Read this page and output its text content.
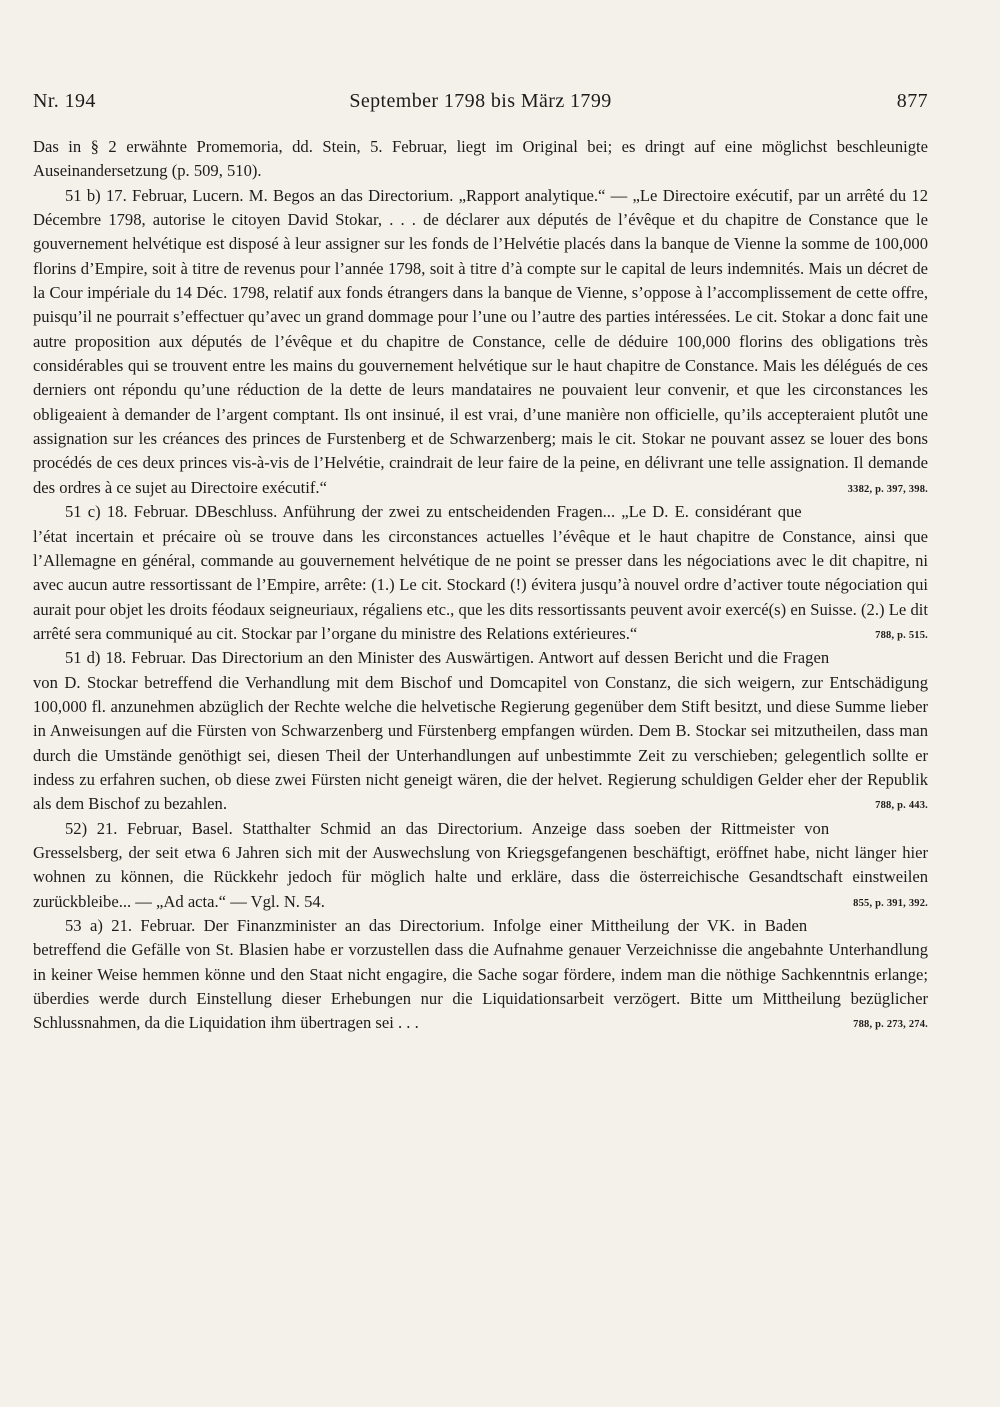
Nr. 194	September 1798 bis März 1799	877

Das in § 2 erwähnte Promemoria, dd. Stein, 5. Februar, liegt im Original bei; es dringt auf eine möglichst beschleunigte Auseinandersetzung (p. 509, 510).

51 b) 17. Februar, Lucern. M. Begos an das Directorium. „Rapport analytique.“ — „Le Directoire exécutif, par un arrêté du 12 Décembre 1798, autorise le citoyen David Stokar, . . . de déclarer aux députés de l’évêque et du chapitre de Constance que le gouvernement helvétique est disposé à leur assigner sur les fonds de l’Helvétie placés dans la banque de Vienne la somme de 100,000 florins d’Empire, soit à titre de revenus pour l’année 1798, soit à titre d’à compte sur le capital de leurs indemnités. Mais un décret de la Cour impériale du 14 Déc. 1798, relatif aux fonds étrangers dans la banque de Vienne, s’oppose à l’accomplissement de cette offre, puisqu’il ne pourrait s’effectuer qu’avec un grand dommage pour l’une ou l’autre des parties intéressées. Le cit. Stokar a donc fait une autre proposition aux députés de l’évêque et du chapitre de Constance, celle de déduire 100,000 florins des obligations très considérables qui se trouvent entre les mains du gouvernement helvétique sur le haut chapitre de Constance. Mais les délégués de ces derniers ont répondu qu’une réduction de la dette de leurs mandataires ne pouvaient leur convenir, et que les circonstances les obligeaient à demander de l’argent comptant. Ils ont insinué, il est vrai, d’une manière non officielle, qu’ils accepteraient plutôt une assignation sur les créances des princes de Furstenberg et de Schwarzenberg; mais le cit. Stokar ne pouvant assez se louer des bons procédés de ces deux princes vis-à-vis de l’Helvétie, craindrait de leur faire de la peine, en délivrant une telle assignation. Il demande des ordres à ce sujet au Directoire exécutif.“	3382, p. 397, 398.

51 c) 18. Februar. DBeschluss. Anführung der zwei zu entscheidenden Fragen... „Le D. E. considérant que l’état incertain et précaire où se trouve dans les circonstances actuelles l’évêque et le haut chapitre de Constance, ainsi que l’Allemagne en général, commande au gouvernement helvétique de ne point se presser dans les négociations avec le dit chapitre, ni avec aucun autre ressortissant de l’Empire, arrête: (1.) Le cit. Stockard (!) évitera jusqu’à nouvel ordre d’activer toute négociation qui aurait pour objet les droits féodaux seigneuriaux, régaliens etc., que les dits ressortissants peuvent avoir exercé(s) en Suisse. (2.) Le dit arrêté sera communiqué au cit. Stockar par l’organe du ministre des Relations extérieures.“	788, p. 515.

51 d) 18. Februar. Das Directorium an den Minister des Auswärtigen. Antwort auf dessen Bericht und die Fragen von D. Stockar betreffend die Verhandlung mit dem Bischof und Domcapitel von Constanz, die sich weigern, zur Entschädigung 100,000 fl. anzunehmen abzüglich der Rechte welche die helvetische Regierung gegenüber dem Stift besitzt, und diese Summe lieber in Anweisungen auf die Fürsten von Schwarzenberg und Fürstenberg empfangen würden. Dem B. Stockar sei mitzutheilen, dass man durch die Umstände genöthigt sei, diesen Theil der Unterhandlungen auf unbestimmte Zeit zu verschieben; gelegentlich sollte er indess zu erfahren suchen, ob diese zwei Fürsten nicht geneigt wären, die der helvet. Regierung schuldigen Gelder eher der Republik als dem Bischof zu bezahlen.	788, p. 443.

52) 21. Februar, Basel. Statthalter Schmid an das Directorium. Anzeige dass soeben der Rittmeister von Gresselsberg, der seit etwa 6 Jahren sich mit der Auswechslung von Kriegsgefangenen beschäftigt, eröffnet habe, nicht länger hier wohnen zu können, die Rückkehr jedoch für möglich halte und erkläre, dass die österreichische Gesandtschaft einstweilen zurückbleibe... — „Ad acta.“ — Vgl. N. 54.	855, p. 391, 392.

53 a) 21. Februar. Der Finanzminister an das Directorium. Infolge einer Mittheilung der VK. in Baden betreffend die Gefälle von St. Blasien habe er vorzustellen dass die Aufnahme genauer Verzeichnisse die angebahnte Unterhandlung in keiner Weise hemmen könne und den Staat nicht engagire, die Sache sogar fördere, indem man die nöthige Sachkenntnis erlange; überdies werde durch Einstellung dieser Erhebungen nur die Liquidationsarbeit verzögert. Bitte um Mittheilung bezüglicher Schlussnahmen, da die Liquidation ihm übertragen sei . . .	788, p. 273, 274.
